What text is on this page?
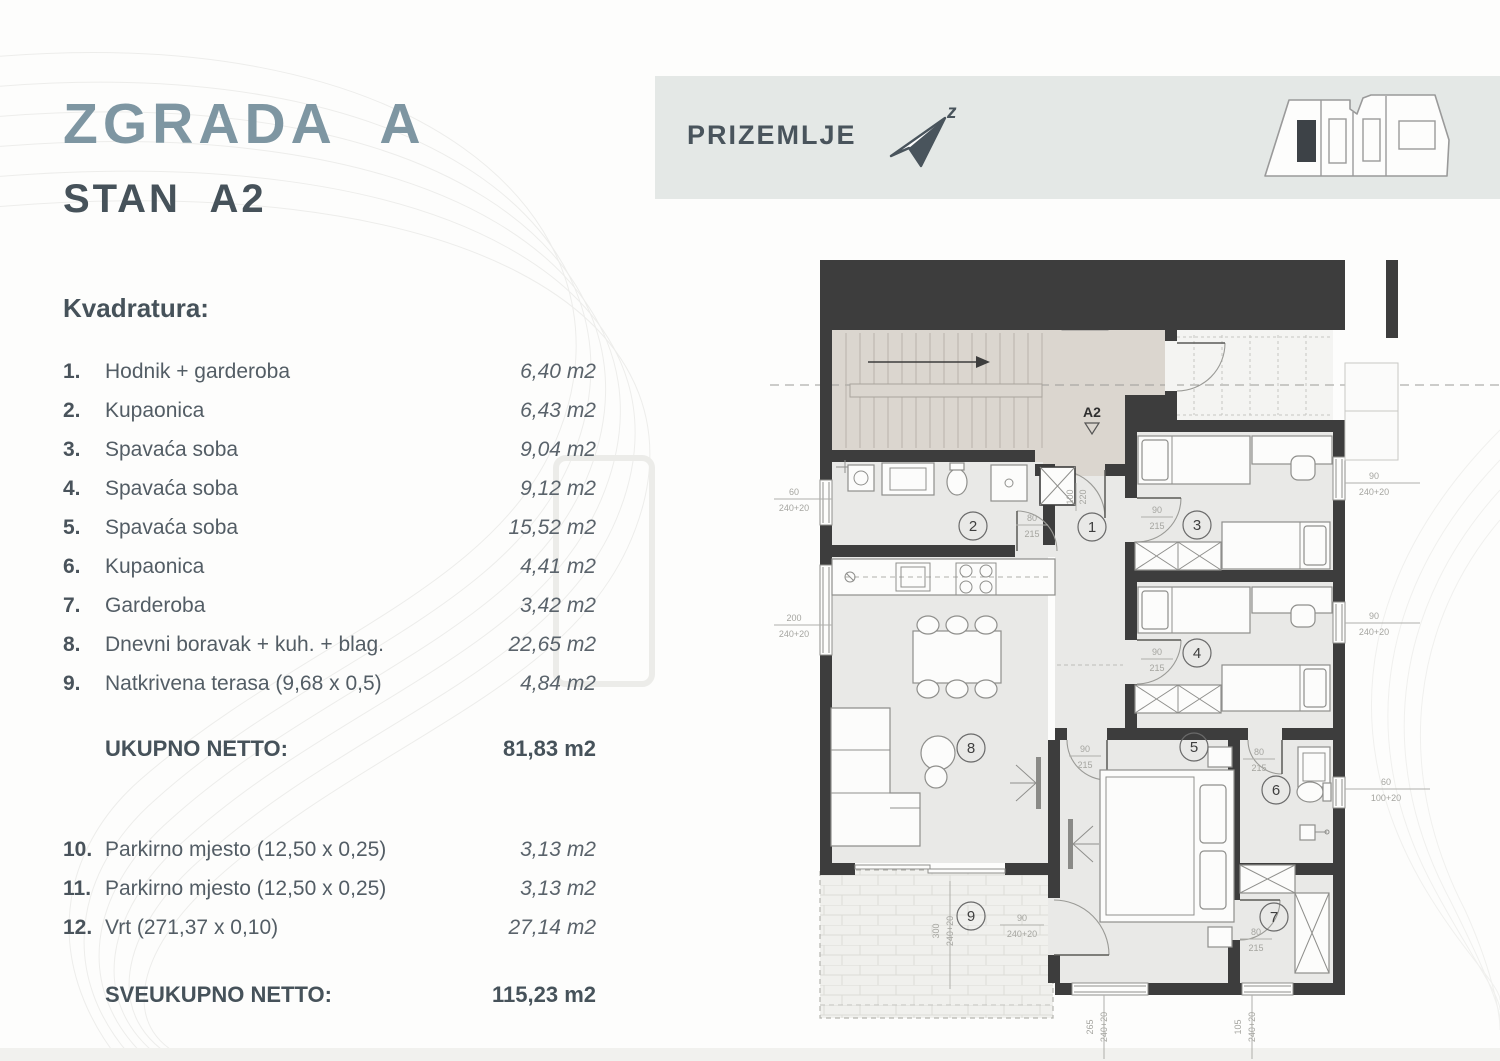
ZGRADA A
STAN A2
Kvadratura:
1.	Hodnik + garderoba	6,40 m2
2.	Kupaonica	6,43 m2
3.	Spavaća soba	9,04 m2
4.	Spavaća soba	9,12 m2
5.	Spavaća soba	15,52 m2
6.	Kupaonica	4,41 m2
7.	Garderoba	3,42 m2
8.	Dnevni boravak + kuh. + blag.	22,65 m2
9.	Natkrivena terasa (9,68 x 0,5)	4,84 m2
UKUPNO NETTO:	81,83 m2
10. Parkirno mjesto (12,50 x 0,25)	3,13 m2
11. Parkirno mjesto (12,50 x 0,25)	3,13 m2
12. Vrt (271,37 x 0,10)	27,14 m2
SVEUKUPNO NETTO:	115,23 m2
PRIZEMLJE
z
A2
1
2	3
4
5
6
7
8
9
100 220
80
215
90
215
90
215
90
215
80
215
80
215
60
240+20
200
240+20
90
240+20
90
240+20
60
100+20
265 240+20	105 240+20
300 240+20	90
240+20
